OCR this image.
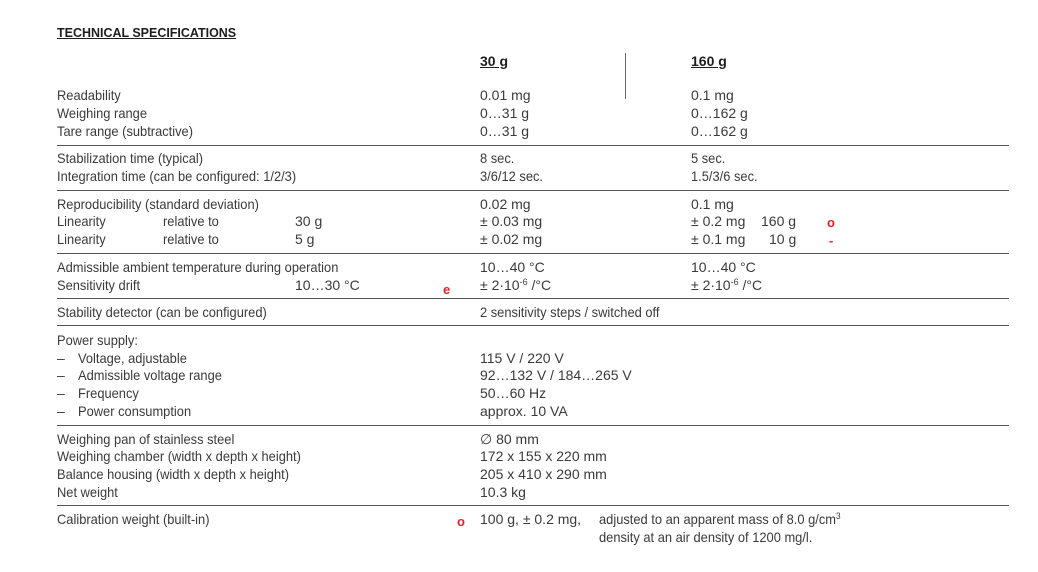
TECHNICAL SPECIFICATIONS
30 g	160 g
Readability	0.01 mg	0.1 mg
Weighing range	0…31 g	0…162 g
Tare range (subtractive)	0…31 g	0…162 g
Stabilization time (typical)	8 sec.	5 sec.
Integration time (can be configured: 1/2/3)	3/6/12 sec.	1.5/3/6 sec.
Reproducibility (standard deviation)	0.02 mg	0.1 mg
Linearity	relative to	30 g	± 0.03 mg	± 0.2 mg 160 g o
Linearity	relative to	5 g	± 0.02 mg	± 0.1 mg 10 g	-
Admissible ambient temperature during operation	10…40 °C	10…40 °C
Sensitivity drift	10…30 °C	$e \pm 2\cdot 10^{-6}$ /°C	± $2\cdot 10^{-6}$ /°C
Stability detector (can be configured)	2 sensitivity steps / switched off
Power supply:
– Voltage, adjustable	115 V / 220 V
– Admissible voltage range	92…132 V / 184…265 V
– Frequency	50…60 Hz
– Power consumption	approx. 10 VA
Weighing pan of stainless steel	∅ 80 mm
Weighing chamber (width x depth x height)	172 x 155 x 220 mm
Balance housing (width x depth x height)	205 x 410 x 290 mm
Net weight	10.3 kg
Calibration weight (built-in)	o 100 g, ± 0.2 mg, adjusted to an apparent mass of 8.0 $g/cm^3$
density at an air density of 1200 mg/l.
